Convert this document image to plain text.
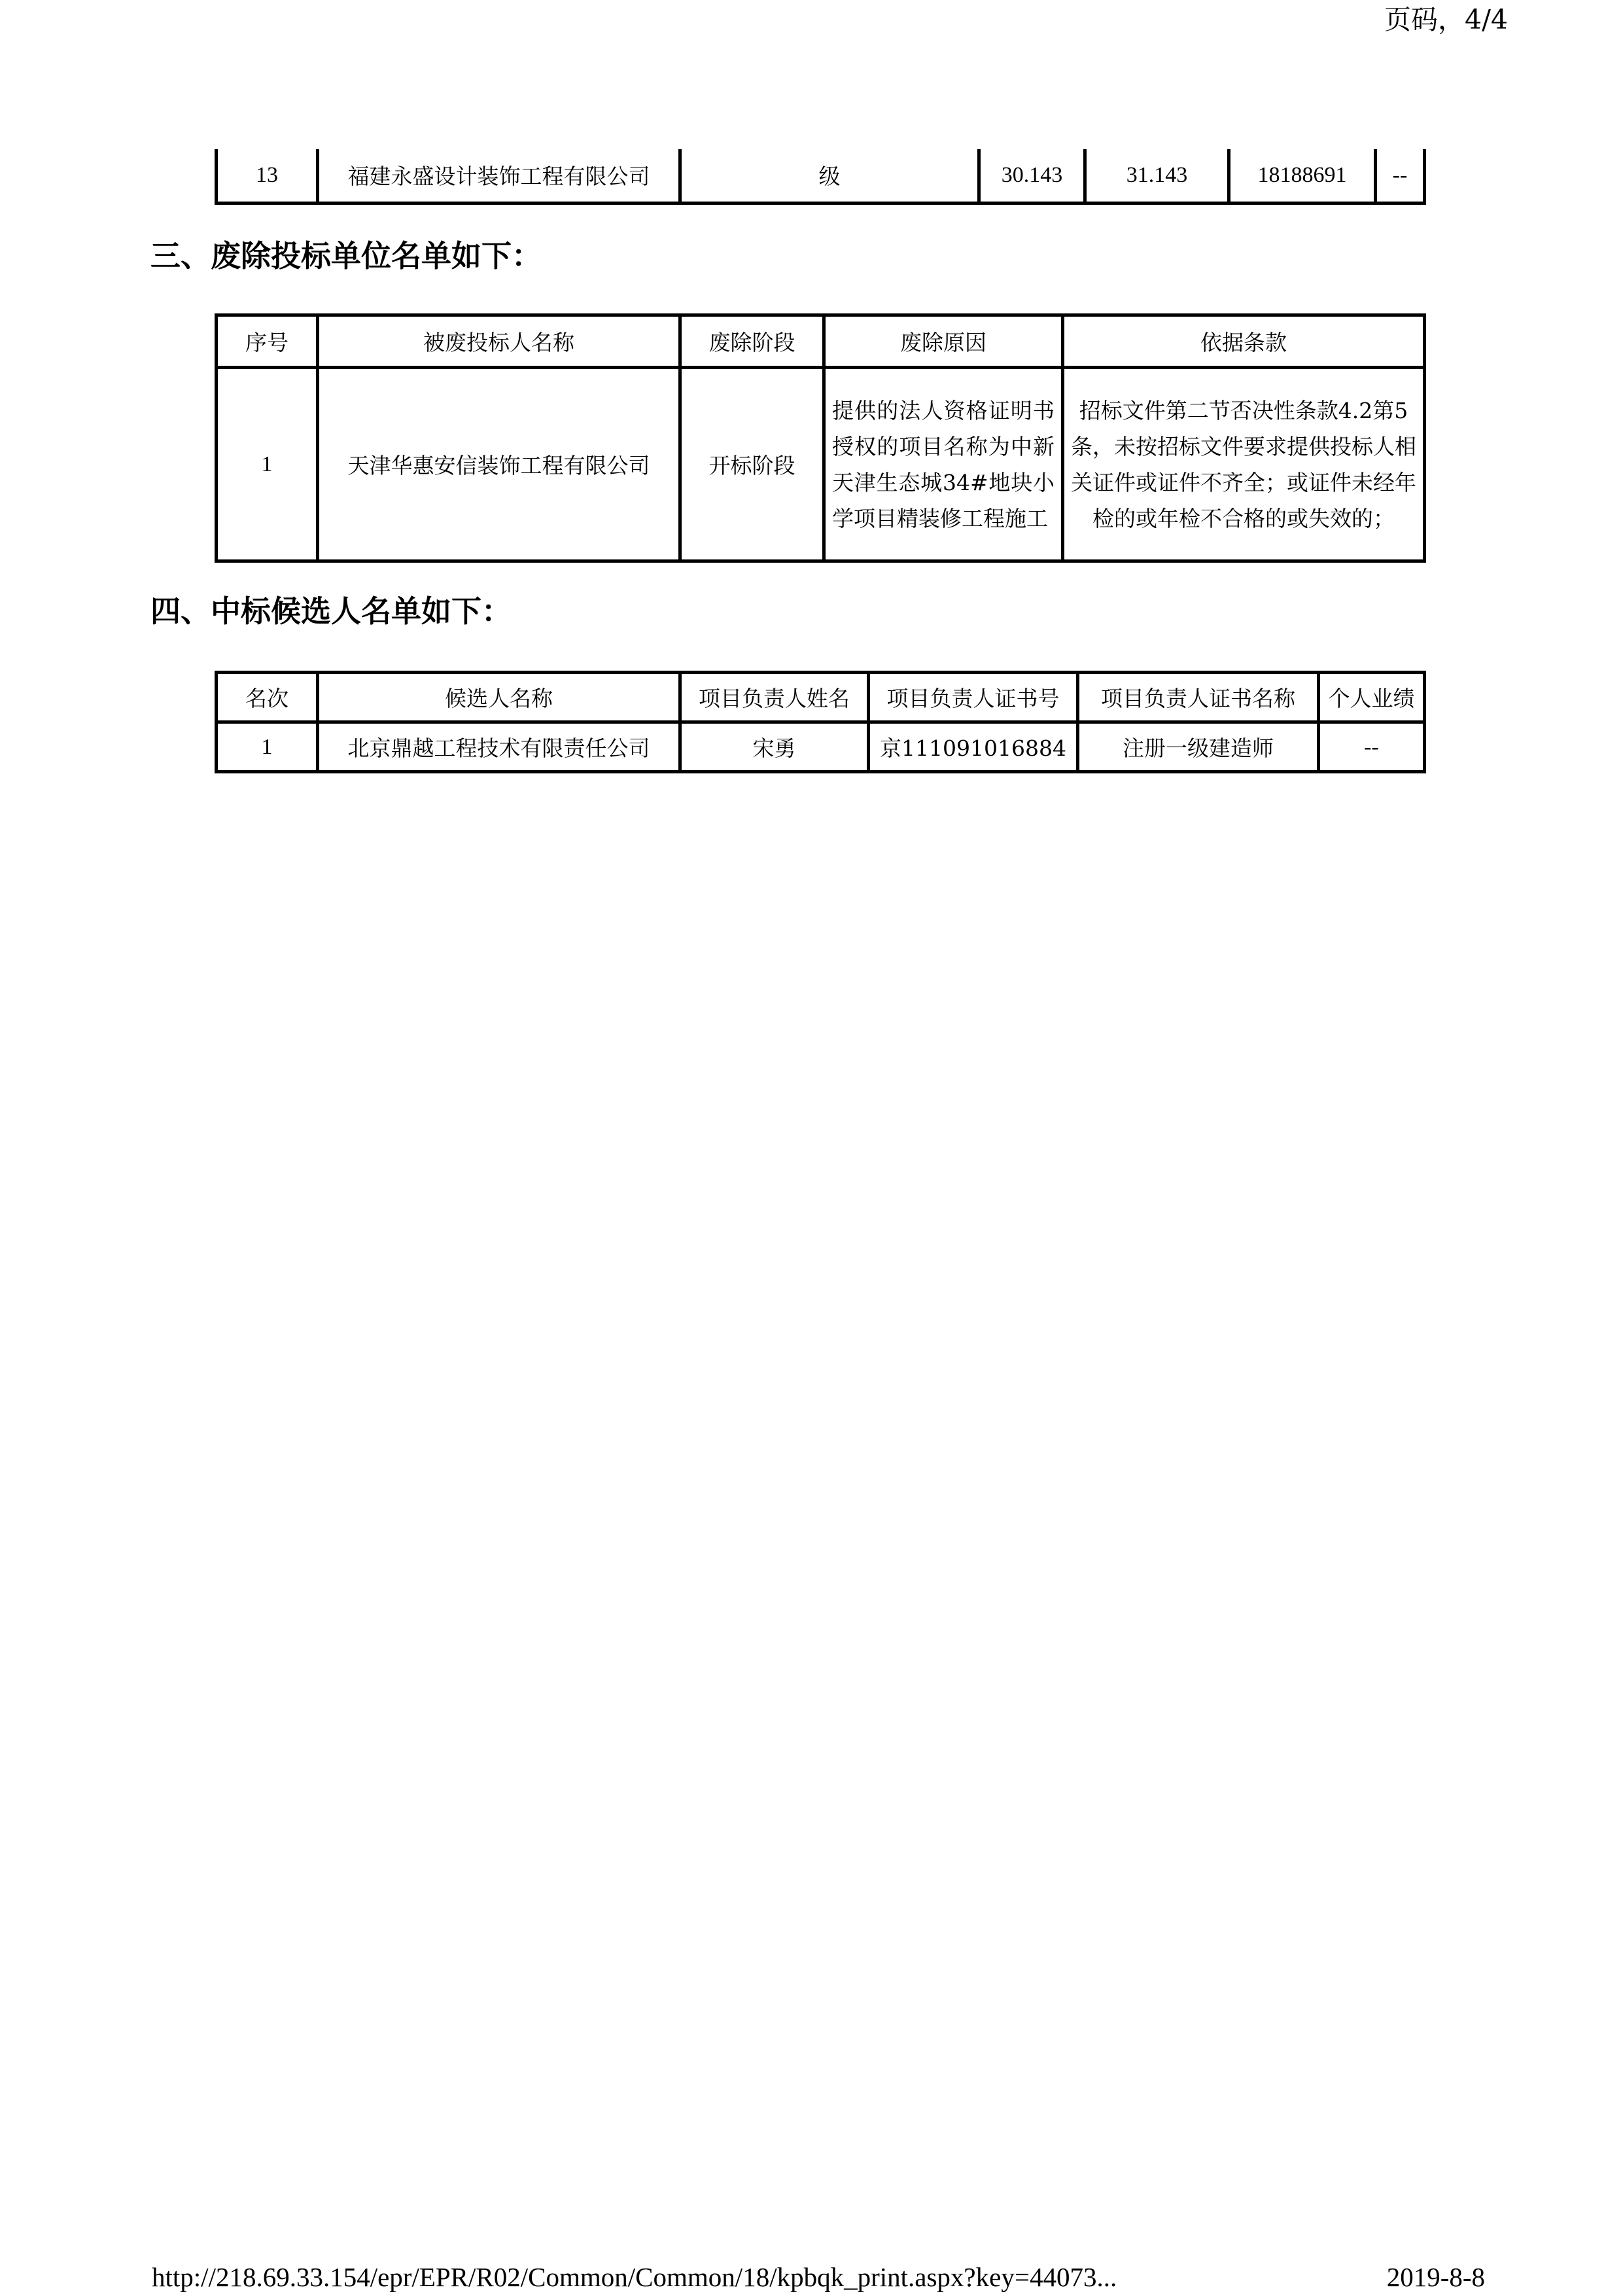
页码，4/4
13	福建永盛设计装饰工程有限公司	级	30.143	31.143	18188691	--
三、废除投标单位名单如下：
序号	被废投标人名称	废除阶段	废除原因	依据条款
1	天津华惠安信装饰工程有限公司	开标阶段	提供的法人资格证明书授权的项目名称为中新天津生态城34#地块小学项目精装修工程施工	招标文件第二节否决性条款4.2第5条，未按招标文件要求提供投标人相关证件或证件不齐全；或证件未经年检的或年检不合格的或失效的；
四、中标候选人名单如下：
名次	候选人名称	项目负责人姓名	项目负责人证书号	项目负责人证书名称	个人业绩
1	北京鼎越工程技术有限责任公司	宋勇	京111091016884	注册一级建造师	--
http://218.69.33.154/epr/EPR/R02/Common/Common/18/kpbqk_print.aspx?key=44073...	2019-8-8
